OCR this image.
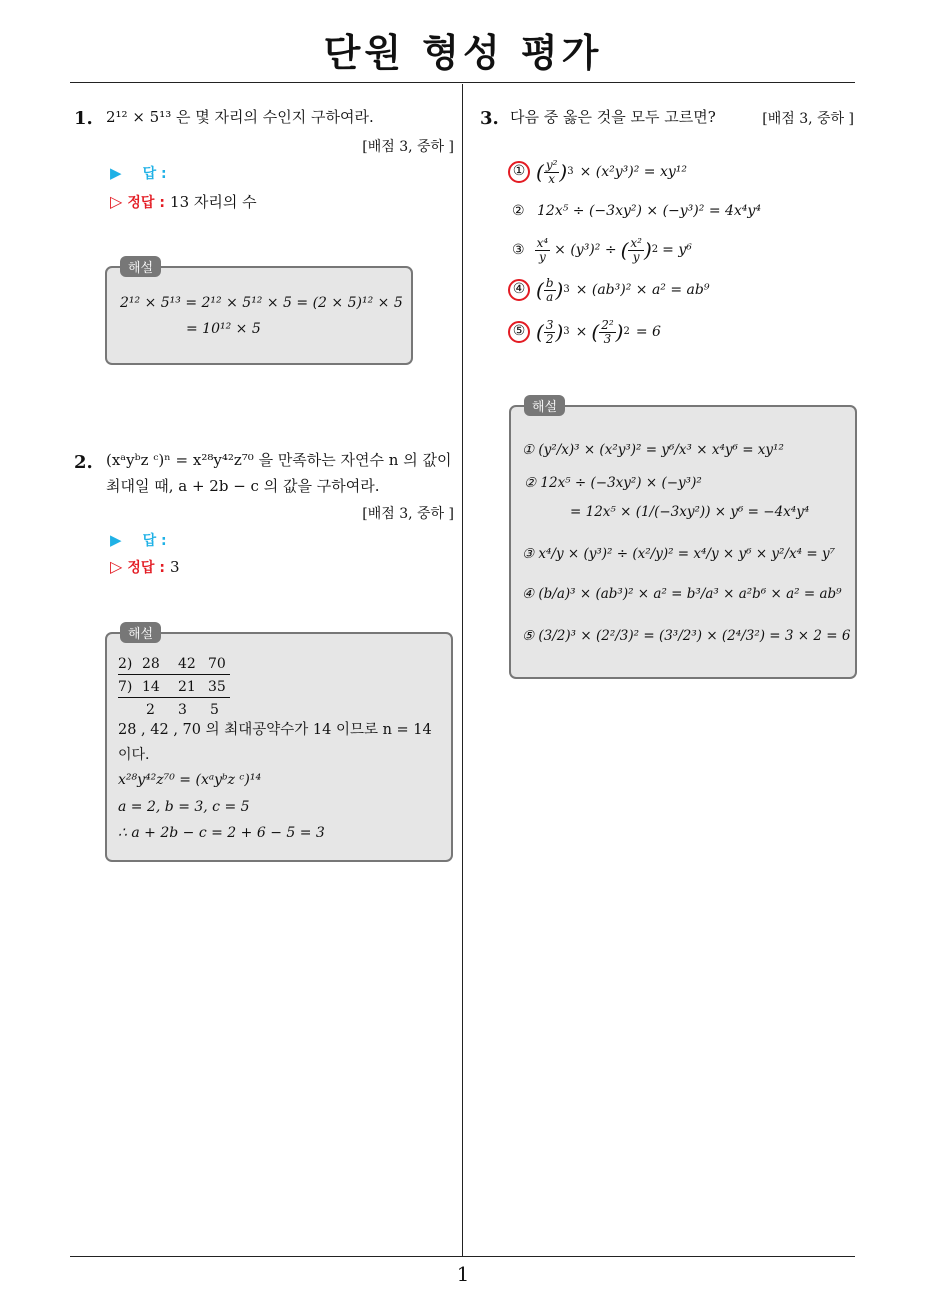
단원 형성 평가
1
1. 2¹² × 5¹³ 은 몇 자리의 수인지 구하여라.
[배점 3, 중하 ]
▶ 답 :
▷ 정답 : 13 자리의 수
해설
2¹² × 5¹³ = 2¹² × 5¹² × 5 = (2 × 5)¹² × 5
= 10¹² × 5
2. (xᵃyᵇz ᶜ)ⁿ = x²⁸y⁴²z⁷⁰ 을 만족하는 자연수 n 의 값이
최대일 때, a + 2b − c 의 값을 구하여라.
[배점 3, 중하 ]
▶ 답 :
▷ 정답 : 3
해설
2) 28 42 70
7) 14 21 35
2 3 5
28 , 42 , 70 의 최대공약수가 14 이므로 n = 14
이다.
x²⁸y⁴²z⁷⁰ = (xᵃyᵇz ᶜ)¹⁴
a = 2, b = 3, c = 5
∴ a + 2b − c = 2 + 6 − 5 = 3
3. 다음 중 옳은 것을 모두 고르면?	[배점 3, 중하 ]
① ( $\frac{\text{y²}}{x}$ ) 3 × (x²y³)² = xy¹²
② 12x⁵ ÷ (−3xy²) × (−y³)² = 4x⁴y⁴
③ $\frac{\text{x⁴}}{y} \times (y^3)^2$ ÷ ( $\frac{\text{x²}}{y}$ ) 2 = y⁶
④ ( $\frac{b}{a}$ ) 3 × (ab³)² × a² = ab⁹
⑤ ( $\frac{3}{2}$ ) 3 × ( $\frac{\text{2²}}{3}$ ) 2 = 6
해설
① (y²/x)³ × (x²y³)² = y⁶/x³ × x⁴y⁶ = xy¹²
② 12x⁵ ÷ (−3xy²) × (−y³)²
= 12x⁵ × (1/(−3xy²)) × y⁶ = −4x⁴y⁴
③ x⁴/y × (y³)² ÷ (x²/y)² = x⁴/y × y⁶ × y²/x⁴ = y⁷
④ (b/a)³ × (ab³)² × a² = b³/a³ × a²b⁶ × a² = ab⁹
⑤ (3/2)³ × (2²/3)² = (3³/2³) × (2⁴/3²) = 3 × 2 = 6
